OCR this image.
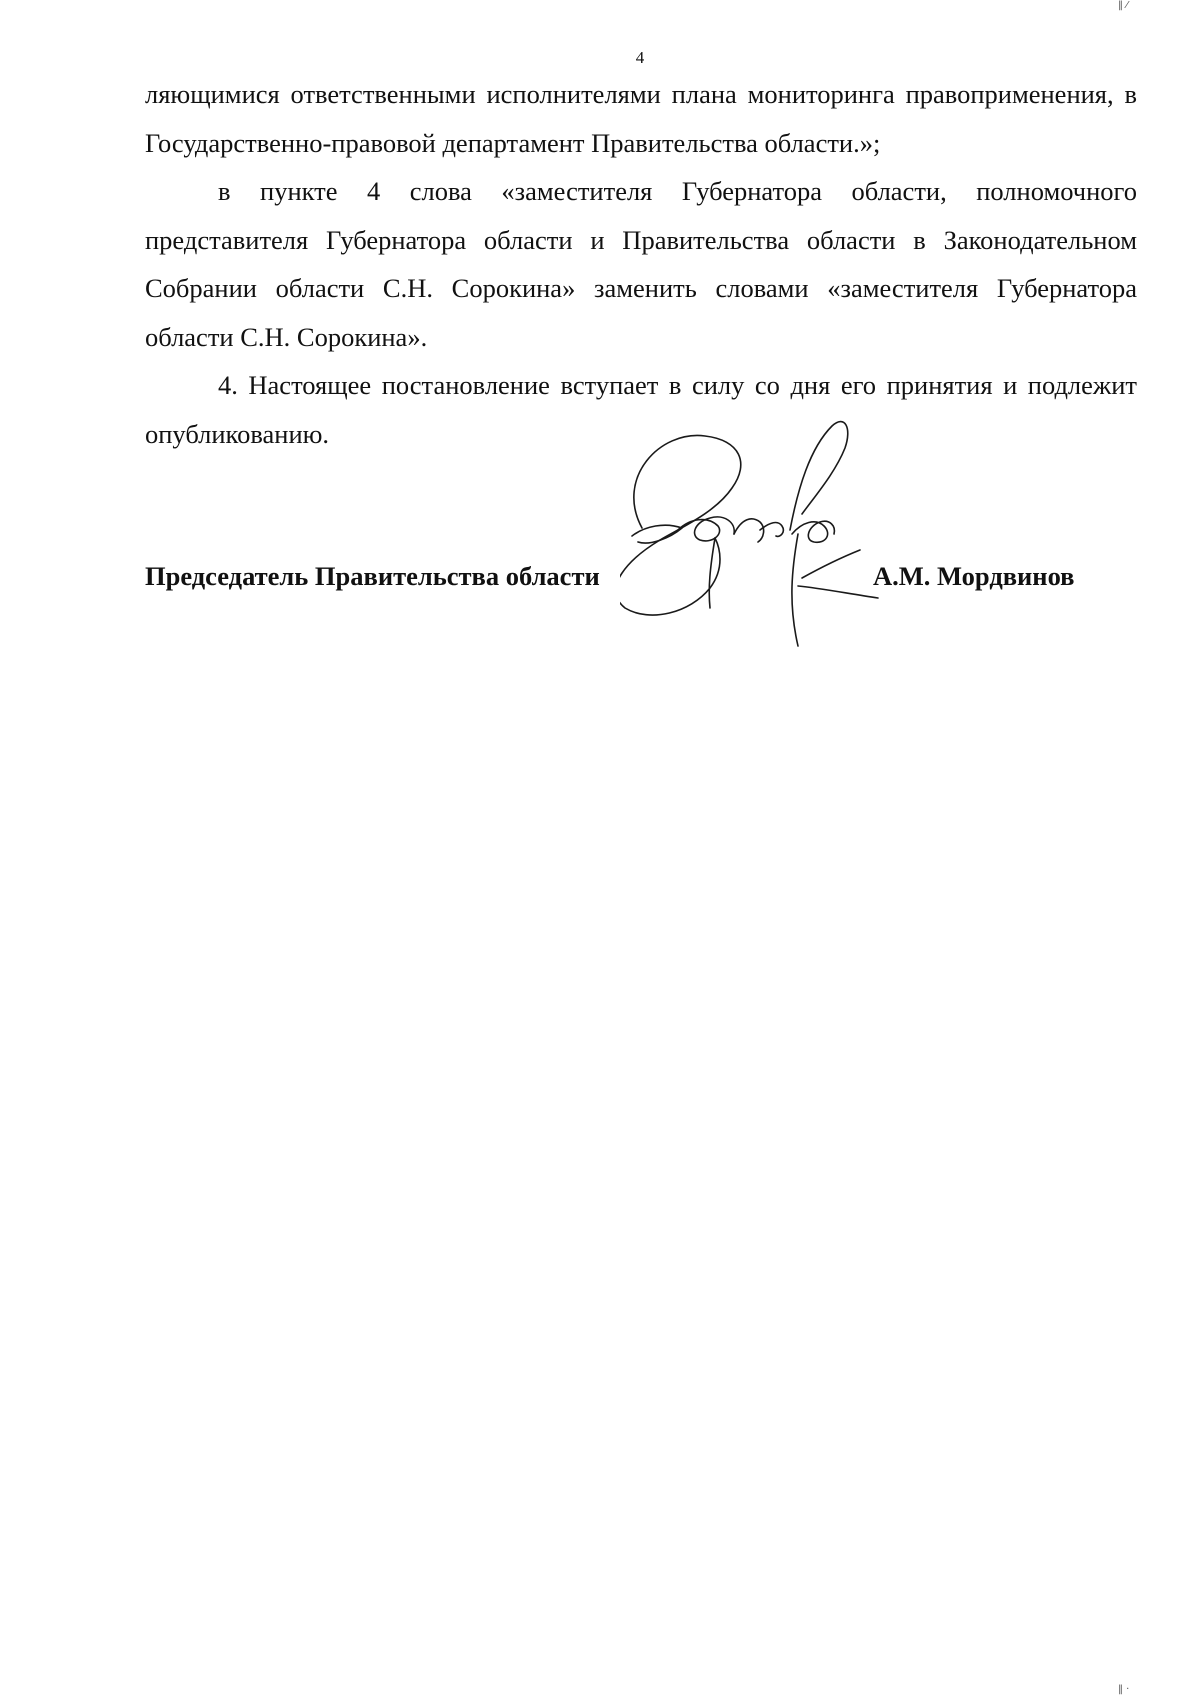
4

ляющимися ответственными исполнителями плана мониторинга правоприменения, в Государственно-правовой департамент Правительства области.»;

в пункте 4 слова «заместителя Губернатора области, полномочного представителя Губернатора области и Правительства области в Законодательном Собрании области С.Н. Сорокина» заменить словами «заместителя Губернатора области С.Н. Сорокина».

4. Настоящее постановление вступает в силу со дня его принятия и подлежит опубликованию.

Председатель Правительства области	А.М. Мордвинов
‖ ⁄
‖ ·
